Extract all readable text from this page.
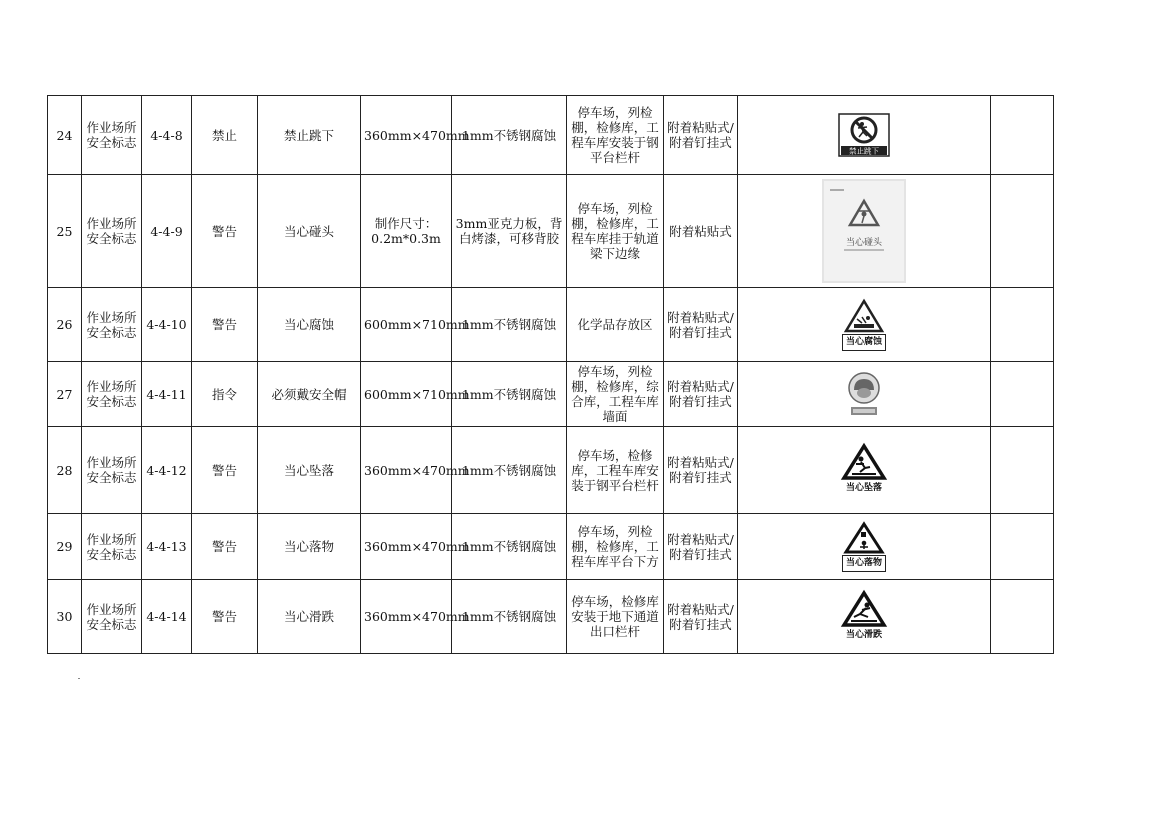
24	作业场所安全标志	4-4-8	禁止	禁止跳下	360mm×470mm	1mm不锈钢腐蚀	停车场，列检棚，检修库，工程车库安装于钢平台栏杆	附着粘贴式/附着钉挂式	禁止跳下	

25	作业场所安全标志	4-4-9	警告	当心碰头	制作尺寸：0.2m*0.3m	3mm亚克力板，背白烤漆，可移背胶	停车场，列检棚，检修库，工程车库挂于轨道梁下边缘	附着粘贴式	当心碰头	

26	作业场所安全标志	4-4-10	警告	当心腐蚀	600mm×710mm	1mm不锈钢腐蚀	化学品存放区	附着粘贴式/附着钉挂式	当心腐蚀	

27	作业场所安全标志	4-4-11	指令	必须戴安全帽	600mm×710mm	1mm不锈钢腐蚀	停车场，列检棚，检修库，综合库，工程车库墙面	附着粘贴式/附着钉挂式	

28	作业场所安全标志	4-4-12	警告	当心坠落	360mm×470mm	1mm不锈钢腐蚀	停车场，检修库，工程车库安装于钢平台栏杆	附着粘贴式/附着钉挂式	当心坠落	

29	作业场所安全标志	4-4-13	警告	当心落物	360mm×470mm	1mm不锈钢腐蚀	停车场，列检棚，检修库，工程车库平台下方	附着粘贴式/附着钉挂式	当心落物	

30	作业场所安全标志	4-4-14	警告	当心滑跌	360mm×470mm	1mm不锈钢腐蚀	停车场，检修库安装于地下通道出口栏杆	附着粘贴式/附着钉挂式	当心滑跌	
